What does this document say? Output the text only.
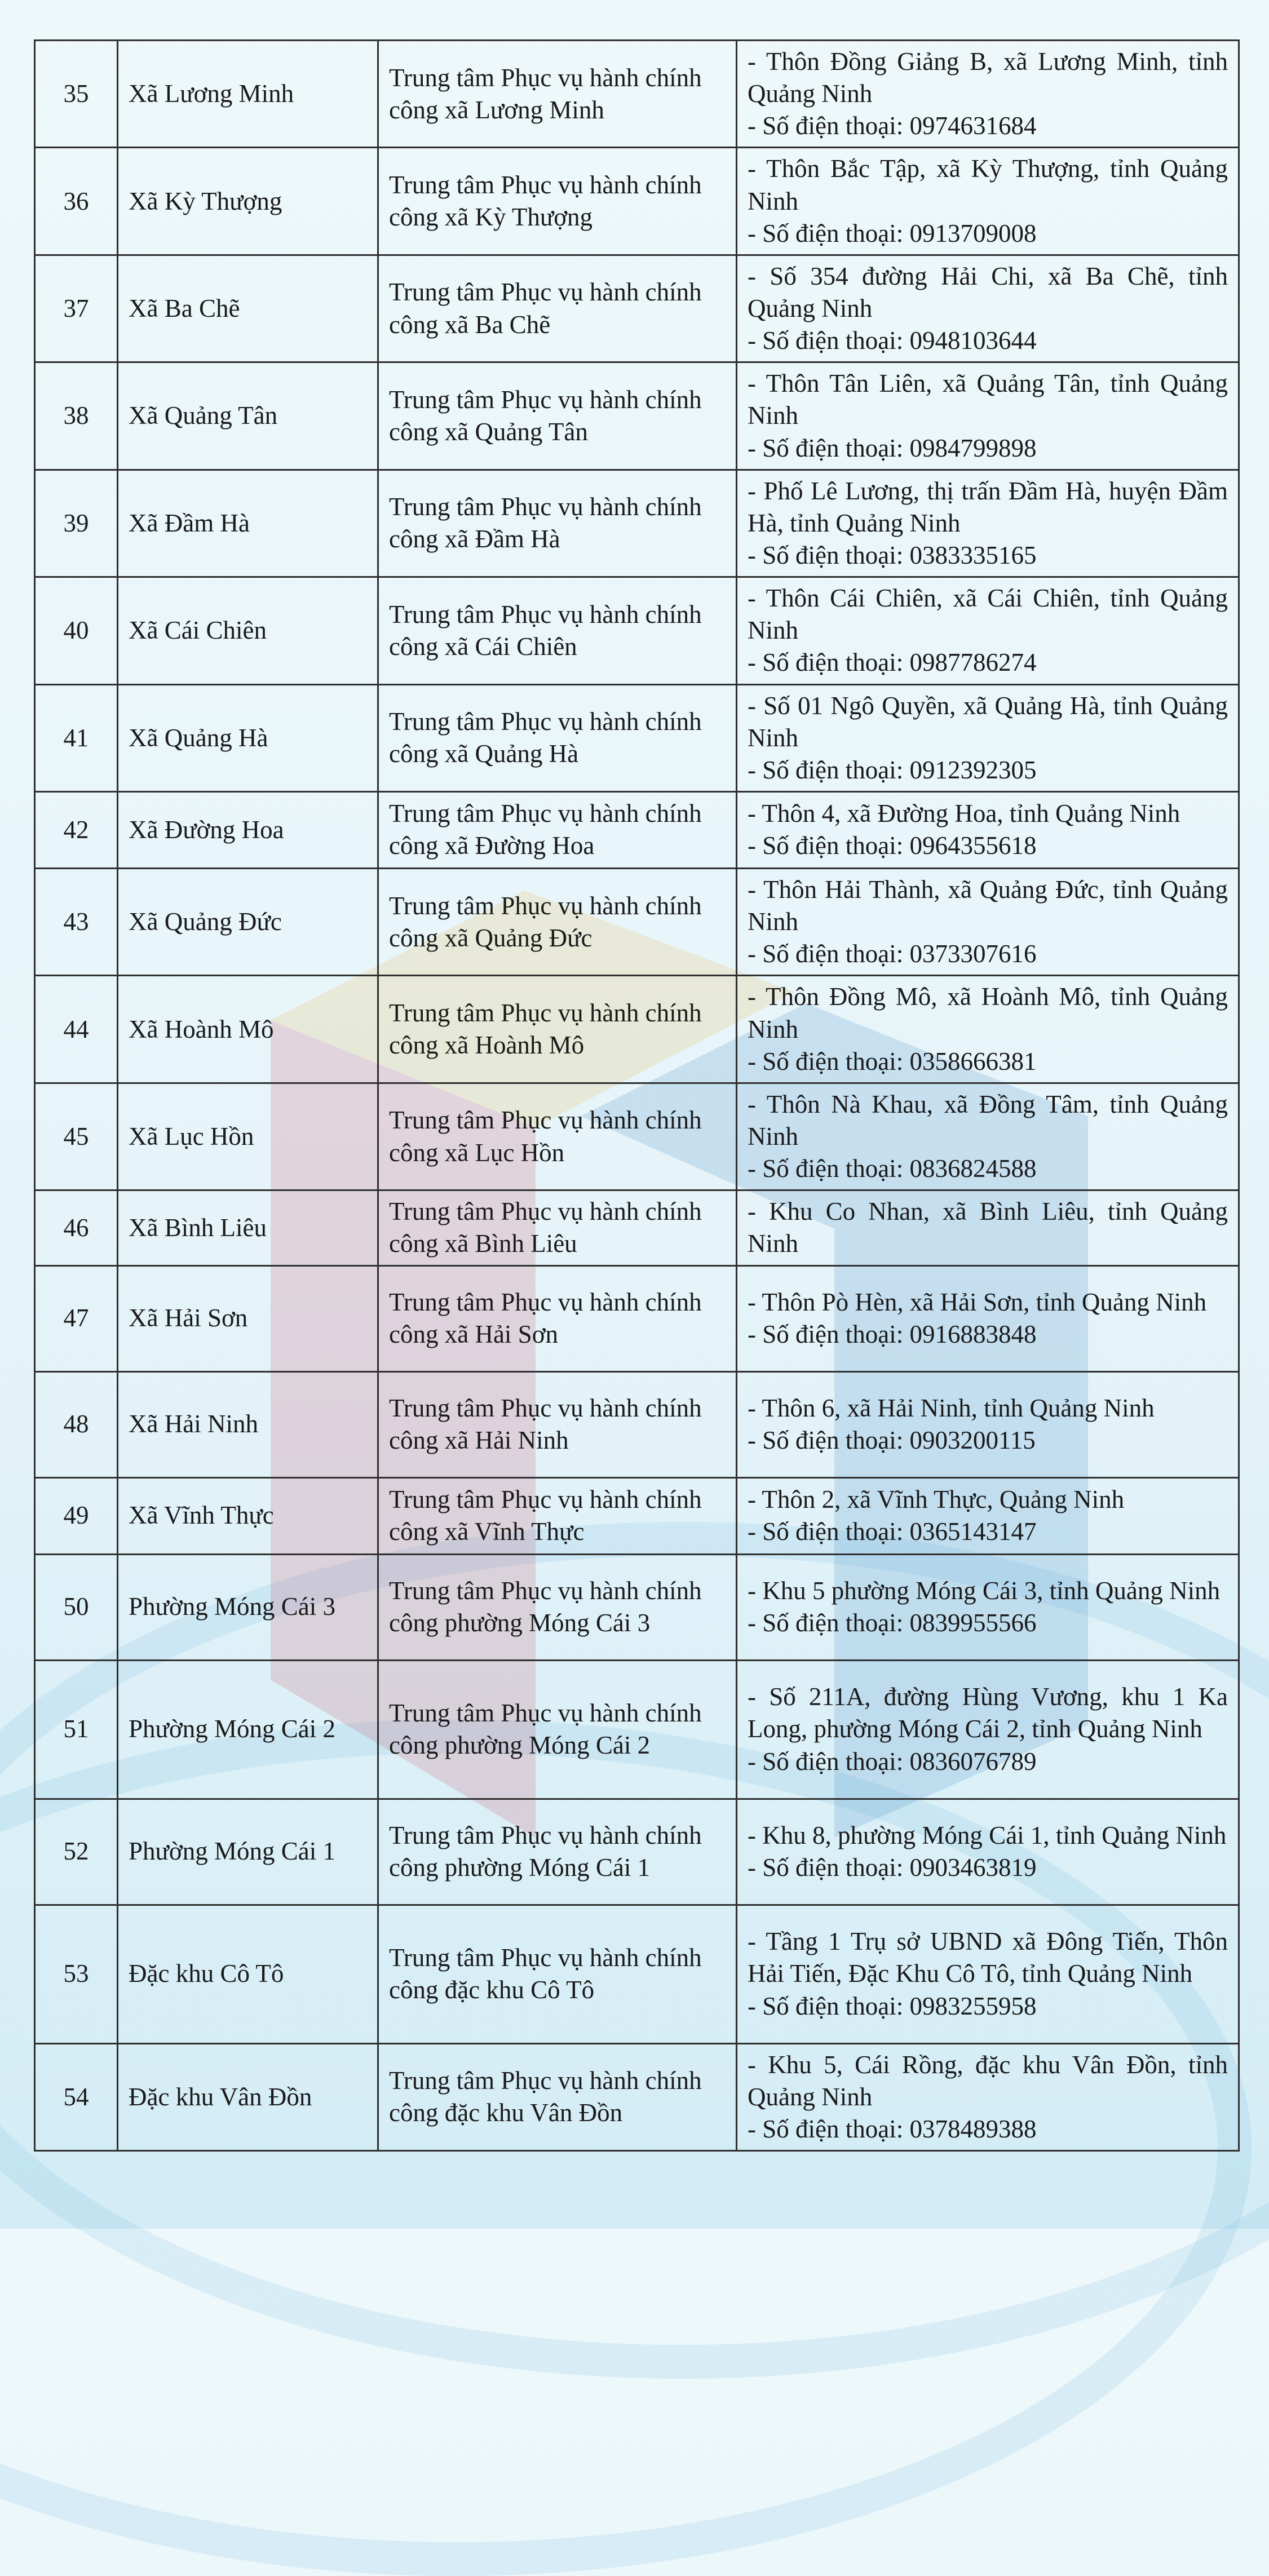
35	Xã Lương Minh	Trung tâm Phục vụ hành chính
công xã Lương Minh	- Thôn Đồng Giảng B, xã Lương Minh, tỉnh Quảng Ninh
- Số điện thoại: 0974631684

36	Xã Kỳ Thượng	Trung tâm Phục vụ hành chính
công xã Kỳ Thượng	- Thôn Bắc Tập, xã Kỳ Thượng, tỉnh Quảng Ninh
- Số điện thoại: 0913709008

37	Xã Ba Chẽ	Trung tâm Phục vụ hành chính
công xã Ba Chẽ	- Số 354 đường Hải Chi, xã Ba Chẽ, tỉnh Quảng Ninh
- Số điện thoại: 0948103644

38	Xã Quảng Tân	Trung tâm Phục vụ hành chính
công xã Quảng Tân	- Thôn Tân Liên, xã Quảng Tân, tỉnh Quảng Ninh
- Số điện thoại: 0984799898

39	Xã Đầm Hà	Trung tâm Phục vụ hành chính
công xã Đầm Hà	- Phố Lê Lương, thị trấn Đầm Hà, huyện Đầm Hà, tỉnh Quảng Ninh
- Số điện thoại: 0383335165

40	Xã Cái Chiên	Trung tâm Phục vụ hành chính
công xã Cái Chiên	- Thôn Cái Chiên, xã Cái Chiên, tỉnh Quảng Ninh
- Số điện thoại: 0987786274

41	Xã Quảng Hà	Trung tâm Phục vụ hành chính
công xã Quảng Hà	- Số 01 Ngô Quyền, xã Quảng Hà, tỉnh Quảng Ninh
- Số điện thoại: 0912392305

42	Xã Đường Hoa	Trung tâm Phục vụ hành chính
công xã Đường Hoa	- Thôn 4, xã Đường Hoa, tỉnh Quảng Ninh
- Số điện thoại: 0964355618

43	Xã Quảng Đức	Trung tâm Phục vụ hành chính
công xã Quảng Đức	- Thôn Hải Thành, xã Quảng Đức, tỉnh Quảng Ninh
- Số điện thoại: 0373307616

44	Xã Hoành Mô	Trung tâm Phục vụ hành chính
công xã Hoành Mô	- Thôn Đồng Mô, xã Hoành Mô, tỉnh Quảng Ninh
- Số điện thoại: 0358666381

45	Xã Lục Hồn	Trung tâm Phục vụ hành chính
công xã Lục Hồn	- Thôn Nà Khau, xã Đồng Tâm, tỉnh Quảng Ninh
- Số điện thoại: 0836824588

46	Xã Bình Liêu	Trung tâm Phục vụ hành chính
công xã Bình Liêu	- Khu Co Nhan, xã Bình Liêu, tỉnh Quảng Ninh

47	Xã Hải Sơn	Trung tâm Phục vụ hành chính
công xã Hải Sơn	- Thôn Pò Hèn, xã Hải Sơn, tỉnh Quảng Ninh
- Số điện thoại: 0916883848

48	Xã Hải Ninh	Trung tâm Phục vụ hành chính
công xã Hải Ninh	- Thôn 6, xã Hải Ninh, tỉnh Quảng Ninh
- Số điện thoại: 0903200115

49	Xã Vĩnh Thực	Trung tâm Phục vụ hành chính
công xã Vĩnh Thực	- Thôn 2, xã Vĩnh Thực, Quảng Ninh
- Số điện thoại: 0365143147

50	Phường Móng Cái 3	Trung tâm Phục vụ hành chính
công phường Móng Cái 3	- Khu 5 phường Móng Cái 3, tỉnh Quảng Ninh
- Số điện thoại: 0839955566

51	Phường Móng Cái 2	Trung tâm Phục vụ hành chính
công phường Móng Cái 2	- Số 211A, đường Hùng Vương, khu 1 Ka Long, phường Móng Cái 2, tỉnh Quảng Ninh
- Số điện thoại: 0836076789

52	Phường Móng Cái 1	Trung tâm Phục vụ hành chính
công phường Móng Cái 1	- Khu 8, phường Móng Cái 1, tỉnh Quảng Ninh
- Số điện thoại: 0903463819

53	Đặc khu Cô Tô	Trung tâm Phục vụ hành chính
công đặc khu Cô Tô	- Tầng 1 Trụ sở UBND xã Đông Tiến, Thôn Hải Tiến, Đặc Khu Cô Tô, tỉnh Quảng Ninh
- Số điện thoại: 0983255958

54	Đặc khu Vân Đồn	Trung tâm Phục vụ hành chính
công đặc khu Vân Đồn	- Khu 5, Cái Rồng, đặc khu Vân Đồn, tỉnh Quảng Ninh
- Số điện thoại: 0378489388
